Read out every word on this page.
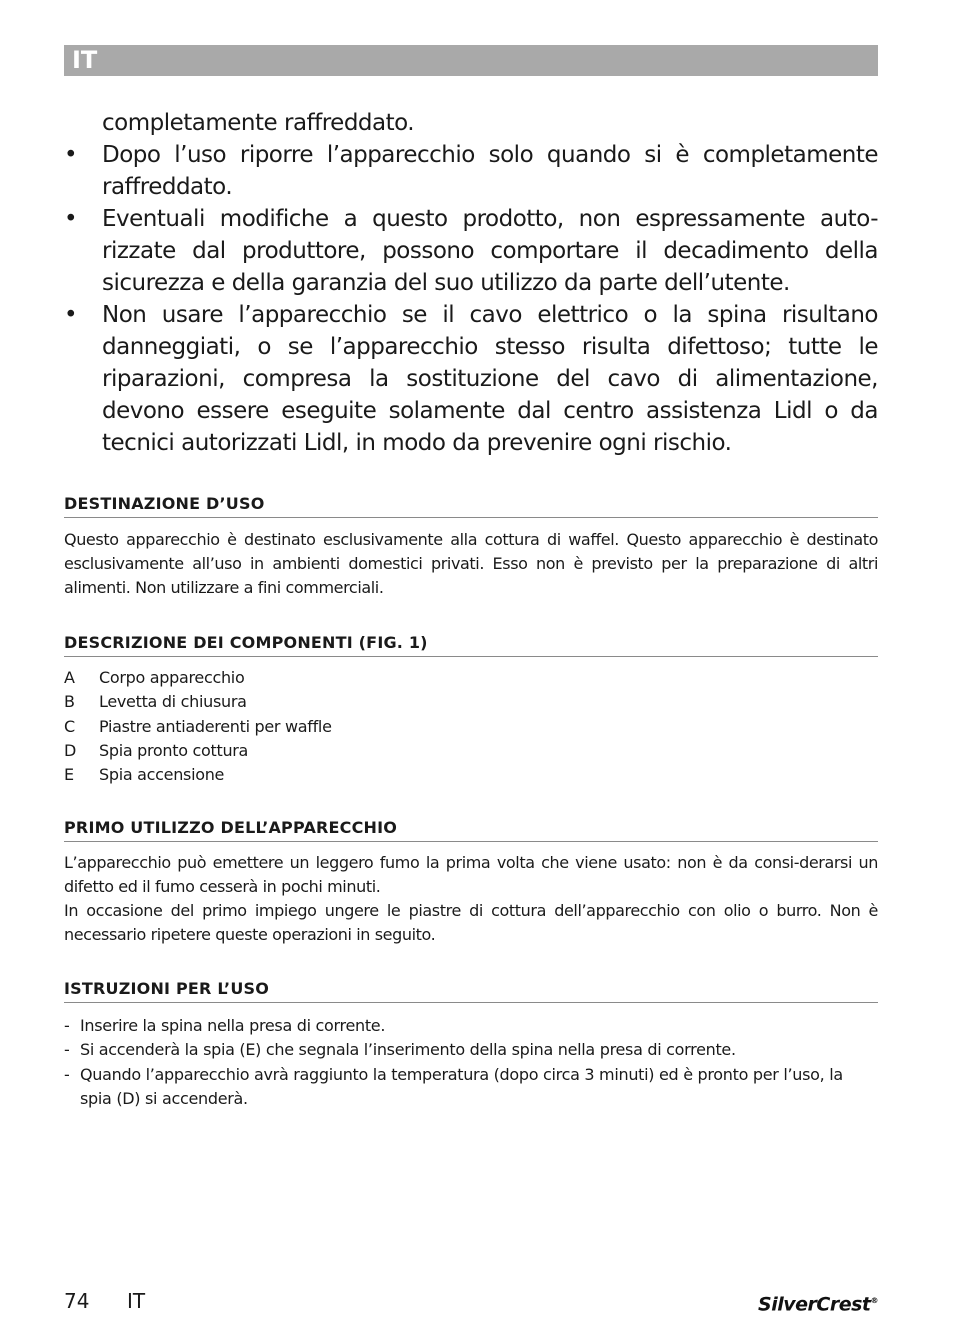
IT
completamente raffreddato.
• Dopo l’uso riporre l’apparecchio solo quando si è completamente raffreddato.
• Eventuali modifiche a questo prodotto, non espressamente auto-rizzate dal produttore, possono comportare il decadimento della sicurezza e della garanzia del suo utilizzo da parte dell’utente.
• Non usare l’apparecchio se il cavo elettrico o la spina risultano danneggiati, o se l’apparecchio stesso risulta difettoso; tutte le riparazioni, compresa la sostituzione del cavo di alimentazione, devono essere eseguite solamente dal centro assistenza Lidl o da tecnici autorizzati Lidl, in modo da prevenire ogni rischio.
DESTINAZIONE D’USO

Questo apparecchio è destinato esclusivamente alla cottura di waffel. Questo apparecchio è destinato esclusivamente all’uso in ambienti domestici privati. Esso non è previsto per la preparazione di altri alimenti. Non utilizzare a fini commerciali.

DESCRIZIONE DEI COMPONENTI (FIG. 1)
A Corpo apparecchio
B Levetta di chiusura
C Piastre antiaderenti per waffle
D Spia pronto cottura
E Spia accensione
PRIMO UTILIZZO DELL’APPARECCHIO

L’apparecchio può emettere un leggero fumo la prima volta che viene usato: non è da consi-derarsi un difetto ed il fumo cesserà in pochi minuti.

In occasione del primo impiego ungere le piastre di cottura dell’apparecchio con olio o burro. Non è necessario ripetere queste operazioni in seguito.

ISTRUZIONI PER L’USO
- Inserire la spina nella presa di corrente.
- Si accenderà la spia (E) che segnala l’inserimento della spina nella presa di corrente.
- Quando l’apparecchio avrà raggiunto la temperatura (dopo circa 3 minuti) ed è pronto per l’uso, la spia (D) si accenderà.
74 IT	SilverCrest®
